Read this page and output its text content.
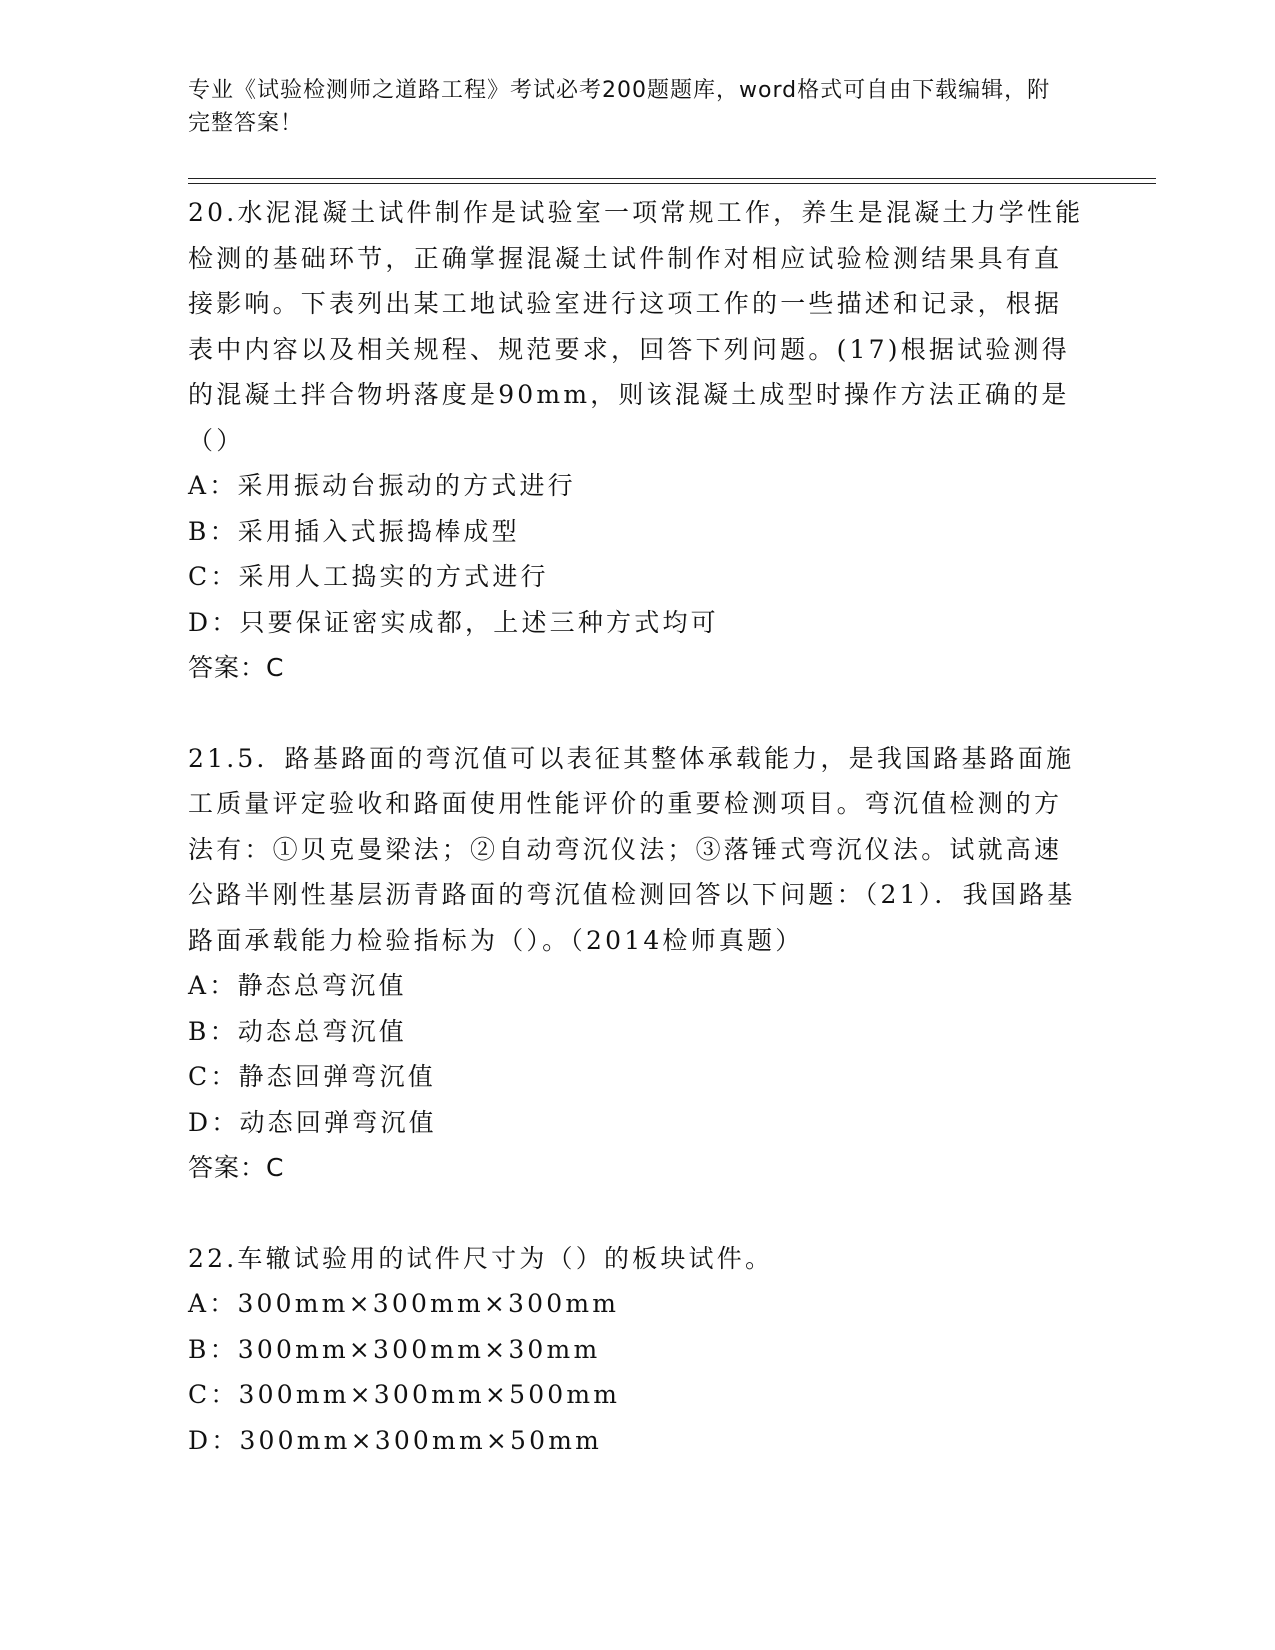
专业《试验检测师之道路工程》考试必考200题题库，word格式可自由下载编辑，附完整答案！

20.水泥混凝土试件制作是试验室一项常规工作，养生是混凝土力学性能检测的基础环节，正确掌握混凝土试件制作对相应试验检测结果具有直接影响。下表列出某工地试验室进行这项工作的一些描述和记录，根据表中内容以及相关规程、规范要求，回答下列问题。(17)根据试验测得的混凝土拌合物坍落度是90mm，则该混凝土成型时操作方法正确的是（）

A：采用振动台振动的方式进行

B：采用插入式振捣棒成型

C：采用人工捣实的方式进行

D：只要保证密实成都，上述三种方式均可

答案：C

21.5．路基路面的弯沉值可以表征其整体承载能力，是我国路基路面施工质量评定验收和路面使用性能评价的重要检测项目。弯沉值检测的方法有：①贝克曼梁法；②自动弯沉仪法；③落锤式弯沉仪法。试就高速公路半刚性基层沥青路面的弯沉值检测回答以下问题：（21）．我国路基路面承载能力检验指标为（）。（2014检师真题）

A：静态总弯沉值

B：动态总弯沉值

C：静态回弹弯沉值

D：动态回弹弯沉值

答案：C

22.车辙试验用的试件尺寸为（）的板块试件。

A：300mm×300mm×300mm

B：300mm×300mm×30mm

C：300mm×300mm×500mm

D：300mm×300mm×50mm
